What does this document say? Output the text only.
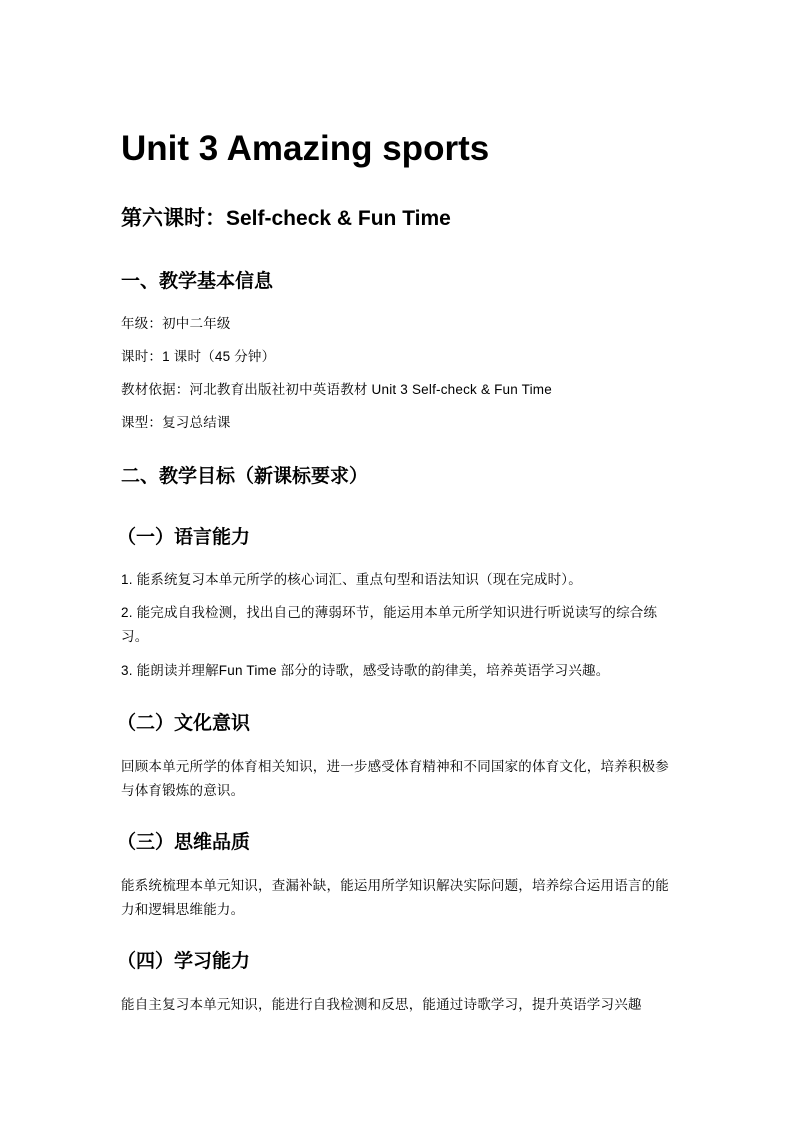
Unit 3 Amazing sports
第六课时：Self-check & Fun Time
一、教学基本信息

年级：初中二年级

课时：1 课时（45 分钟）

教材依据：河北教育出版社初中英语教材 Unit 3 Self-check & Fun Time

课型：复习总结课

二、教学目标（新课标要求）
（一）语言能力

1. 能系统复习本单元所学的核心词汇、重点句型和语法知识（现在完成时）。

2. 能完成自我检测，找出自己的薄弱环节，能运用本单元所学知识进行听说读写的综合练习。

3. 能朗读并理解Fun Time 部分的诗歌，感受诗歌的韵律美，培养英语学习兴趣。

（二）文化意识

回顾本单元所学的体育相关知识，进一步感受体育精神和不同国家的体育文化，培养积极参与体育锻炼的意识。

（三）思维品质

能系统梳理本单元知识，查漏补缺，能运用所学知识解决实际问题，培养综合运用语言的能力和逻辑思维能力。

（四）学习能力

能自主复习本单元知识，能进行自我检测和反思，能通过诗歌学习，提升英语学习兴趣
